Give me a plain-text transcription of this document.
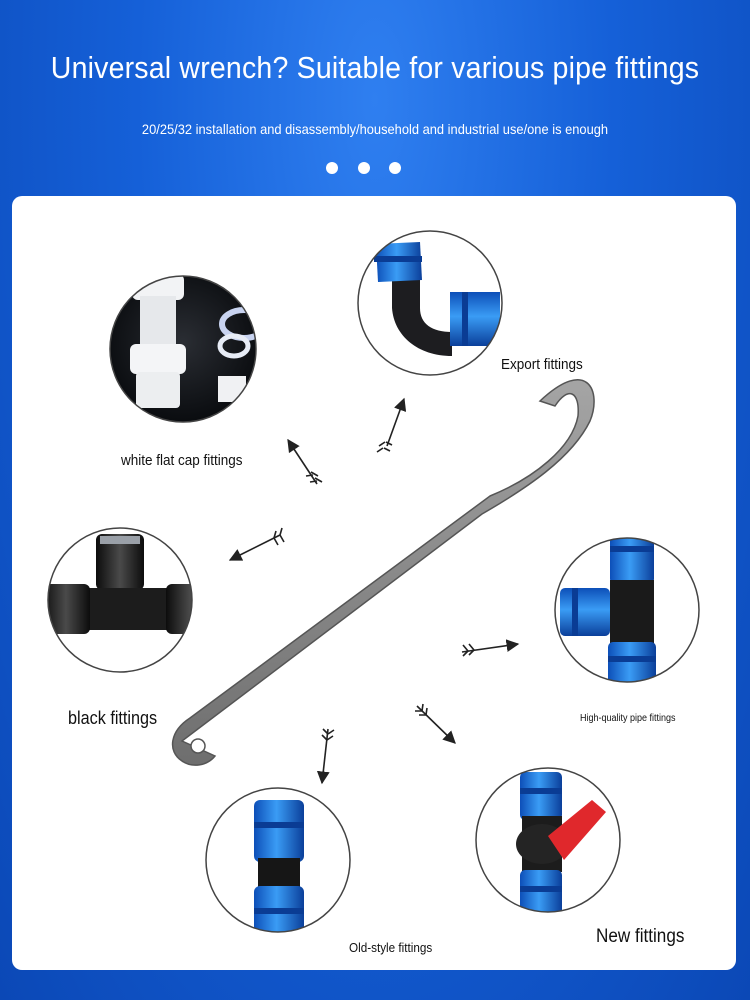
Universal wrench? Suitable for various pipe fittings
20/25/32 installation and disassembly/household and industrial use/one is enough
white flat cap fittings
Export fittings
black fittings	High-quality pipe fittings
Old-style fittings
New fittings
